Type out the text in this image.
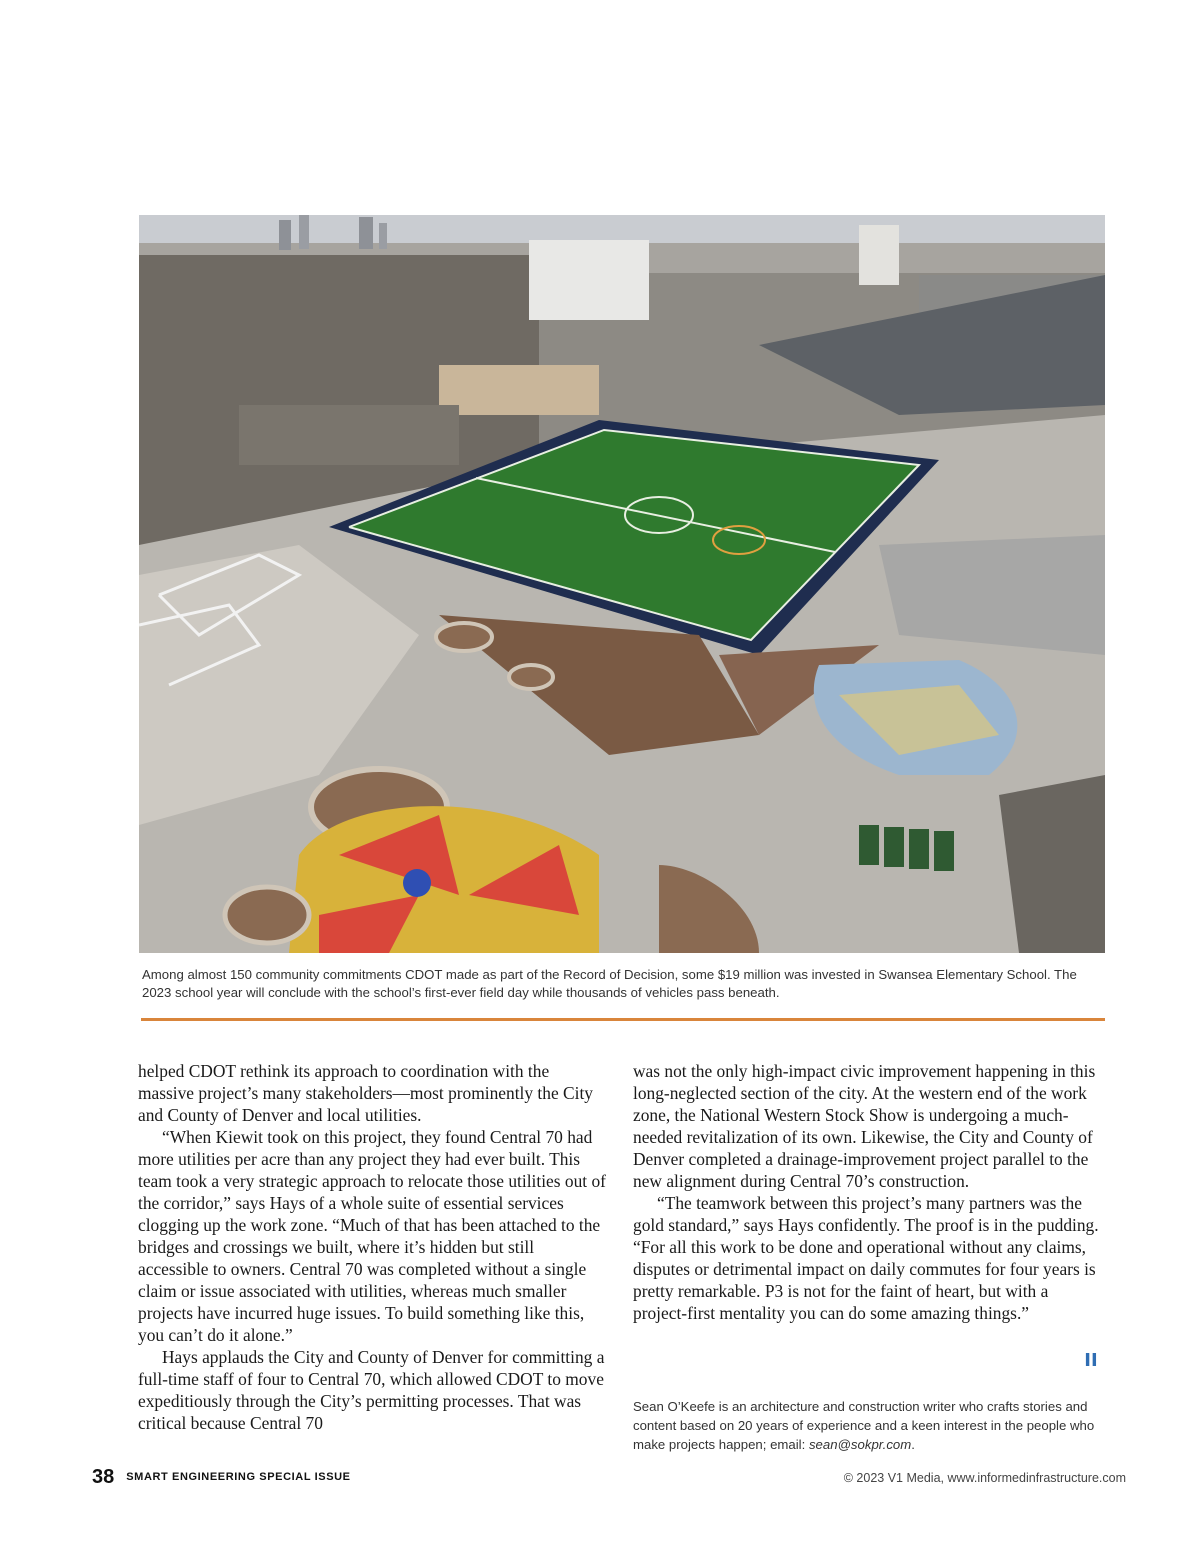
Among almost 150 community commitments CDOT made as part of the Record of Decision, some $19 million was invested in Swansea Elementary School. The 2023 school year will conclude with the school’s first-ever field day while thousands of vehicles pass beneath.

helped CDOT rethink its approach to coordination with the massive project’s many stakeholders—most prominently the City and County of Denver and local utilities.

“When Kiewit took on this project, they found Central 70 had more utilities per acre than any project they had ever built. This team took a very strategic approach to relocate those utilities out of the corridor,” says Hays of a whole suite of essential services clogging up the work zone. “Much of that has been attached to the bridges and crossings we built, where it’s hidden but still accessible to owners. Central 70 was completed without a single claim or issue associated with utilities, whereas much smaller projects have incurred huge issues. To build something like this, you can’t do it alone.”

Hays applauds the City and County of Denver for committing a full-time staff of four to Central 70, which allowed CDOT to move expeditiously through the City’s permitting processes. That was critical because Central 70

was not the only high-impact civic improvement happening in this long-neglected section of the city. At the western end of the work zone, the National Western Stock Show is undergoing a much-needed revitalization of its own. Likewise, the City and County of Denver completed a drainage-improvement project parallel to the new alignment during Central 70’s construction.

“The teamwork between this project’s many partners was the gold standard,” says Hays confidently. The proof is in the pudding. “For all this work to be done and operational without any claims, disputes or detrimental impact on daily commutes for four years is pretty remarkable. P3 is not for the faint of heart, but with a project-first mentality you can do some amazing things.”

II
Sean O’Keefe is an architecture and construction writer who crafts stories and content based on 20 years of experience and a keen interest in the people who make projects happen; email: sean@sokpr.com.
38 SMART ENGINEERING SPECIAL ISSUE	© 2023 V1 Media, www.informedinfrastructure.com
